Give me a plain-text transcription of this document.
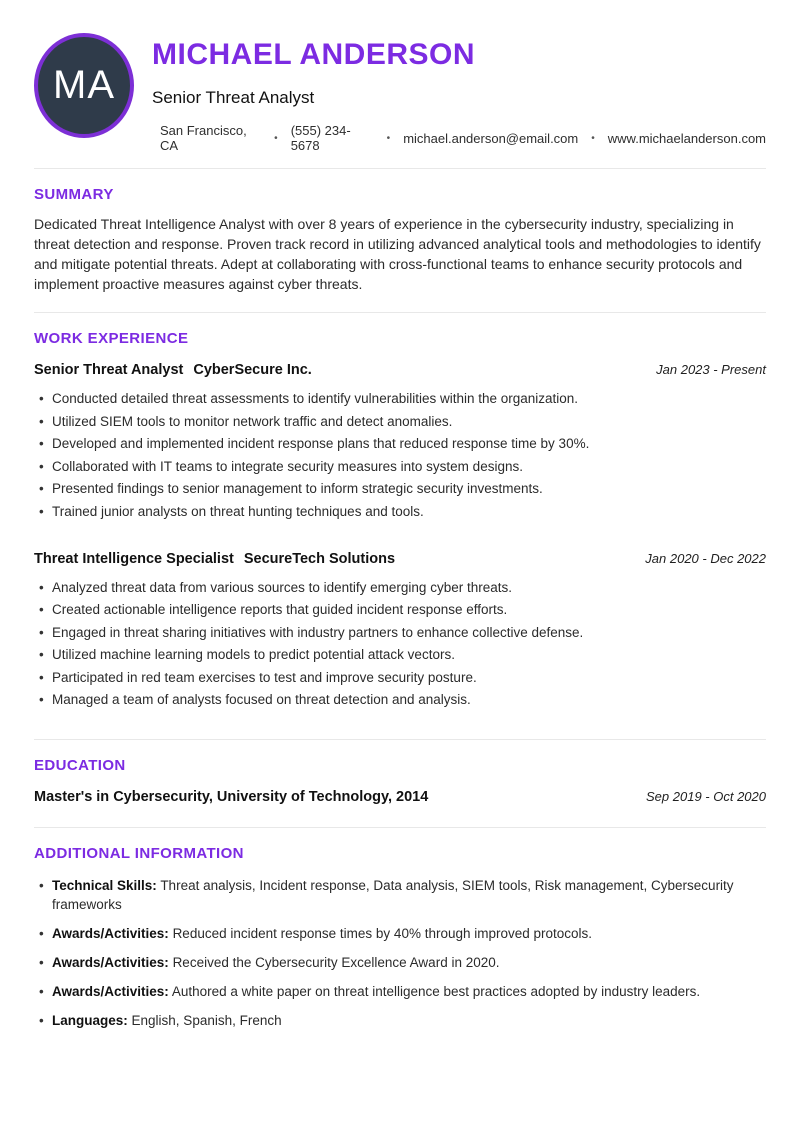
MA
MICHAEL ANDERSON
Senior Threat Analyst
San Francisco, CA	• (555) 234-5678	• michael.anderson@email.com • www.michaelanderson.com
SUMMARY

Dedicated Threat Intelligence Analyst with over 8 years of experience in the cybersecurity industry, specializing in threat detection and response. Proven track record in utilizing advanced analytical tools and methodologies to identify and mitigate potential threats. Adept at collaborating with cross-functional teams to enhance security protocols and implement proactive measures against cyber threats.

WORK EXPERIENCE
Senior Threat Analyst CyberSecure Inc.	Jan 2023 - Present
• Conducted detailed threat assessments to identify vulnerabilities within the organization.
• Utilized SIEM tools to monitor network traffic and detect anomalies.
• Developed and implemented incident response plans that reduced response time by 30%.
• Collaborated with IT teams to integrate security measures into system designs.
• Presented findings to senior management to inform strategic security investments.
• Trained junior analysts on threat hunting techniques and tools.
Threat Intelligence Specialist SecureTech Solutions	Jan 2020 - Dec 2022
• Analyzed threat data from various sources to identify emerging cyber threats.
• Created actionable intelligence reports that guided incident response efforts.
• Engaged in threat sharing initiatives with industry partners to enhance collective defense.
• Utilized machine learning models to predict potential attack vectors.
• Participated in red team exercises to test and improve security posture.
• Managed a team of analysts focused on threat detection and analysis.
EDUCATION
Master's in Cybersecurity, University of Technology, 2014	Sep 2019 - Oct 2020
ADDITIONAL INFORMATION
• Technical Skills: Threat analysis, Incident response, Data analysis, SIEM tools, Risk management, Cybersecurity frameworks
• Awards/Activities: Reduced incident response times by 40% through improved protocols.
• Awards/Activities: Received the Cybersecurity Excellence Award in 2020.
• Awards/Activities: Authored a white paper on threat intelligence best practices adopted by industry leaders.
• Languages: English, Spanish, French
